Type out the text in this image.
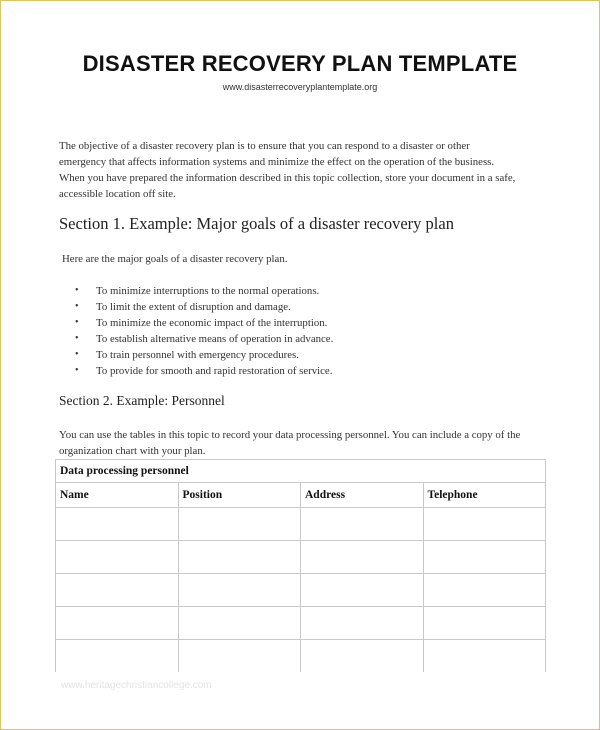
DISASTER RECOVERY PLAN TEMPLATE
www.disasterrecoveryplantemplate.org

The objective of a disaster recovery plan is to ensure that you can respond to a disaster or other

emergency that affects information systems and minimize the effect on the operation of the business.

When you have prepared the information described in this topic collection, store your document in a safe,

accessible location off site.

Section 1. Example: Major goals of a disaster recovery plan
Here are the major goals of a disaster recovery plan.
• To minimize interruptions to the normal operations.
• To limit the extent of disruption and damage.
• To minimize the economic impact of the interruption.
• To establish alternative means of operation in advance.
• To train personnel with emergency procedures.
• To provide for smooth and rapid restoration of service.
Section 2. Example: Personnel
You can use the tables in this topic to record your data processing personnel. You can include a copy of the
organization chart with your plan.
Data processing personnel			
Name	Position	Address	Telephone

www.heritagechristiancollege.com
